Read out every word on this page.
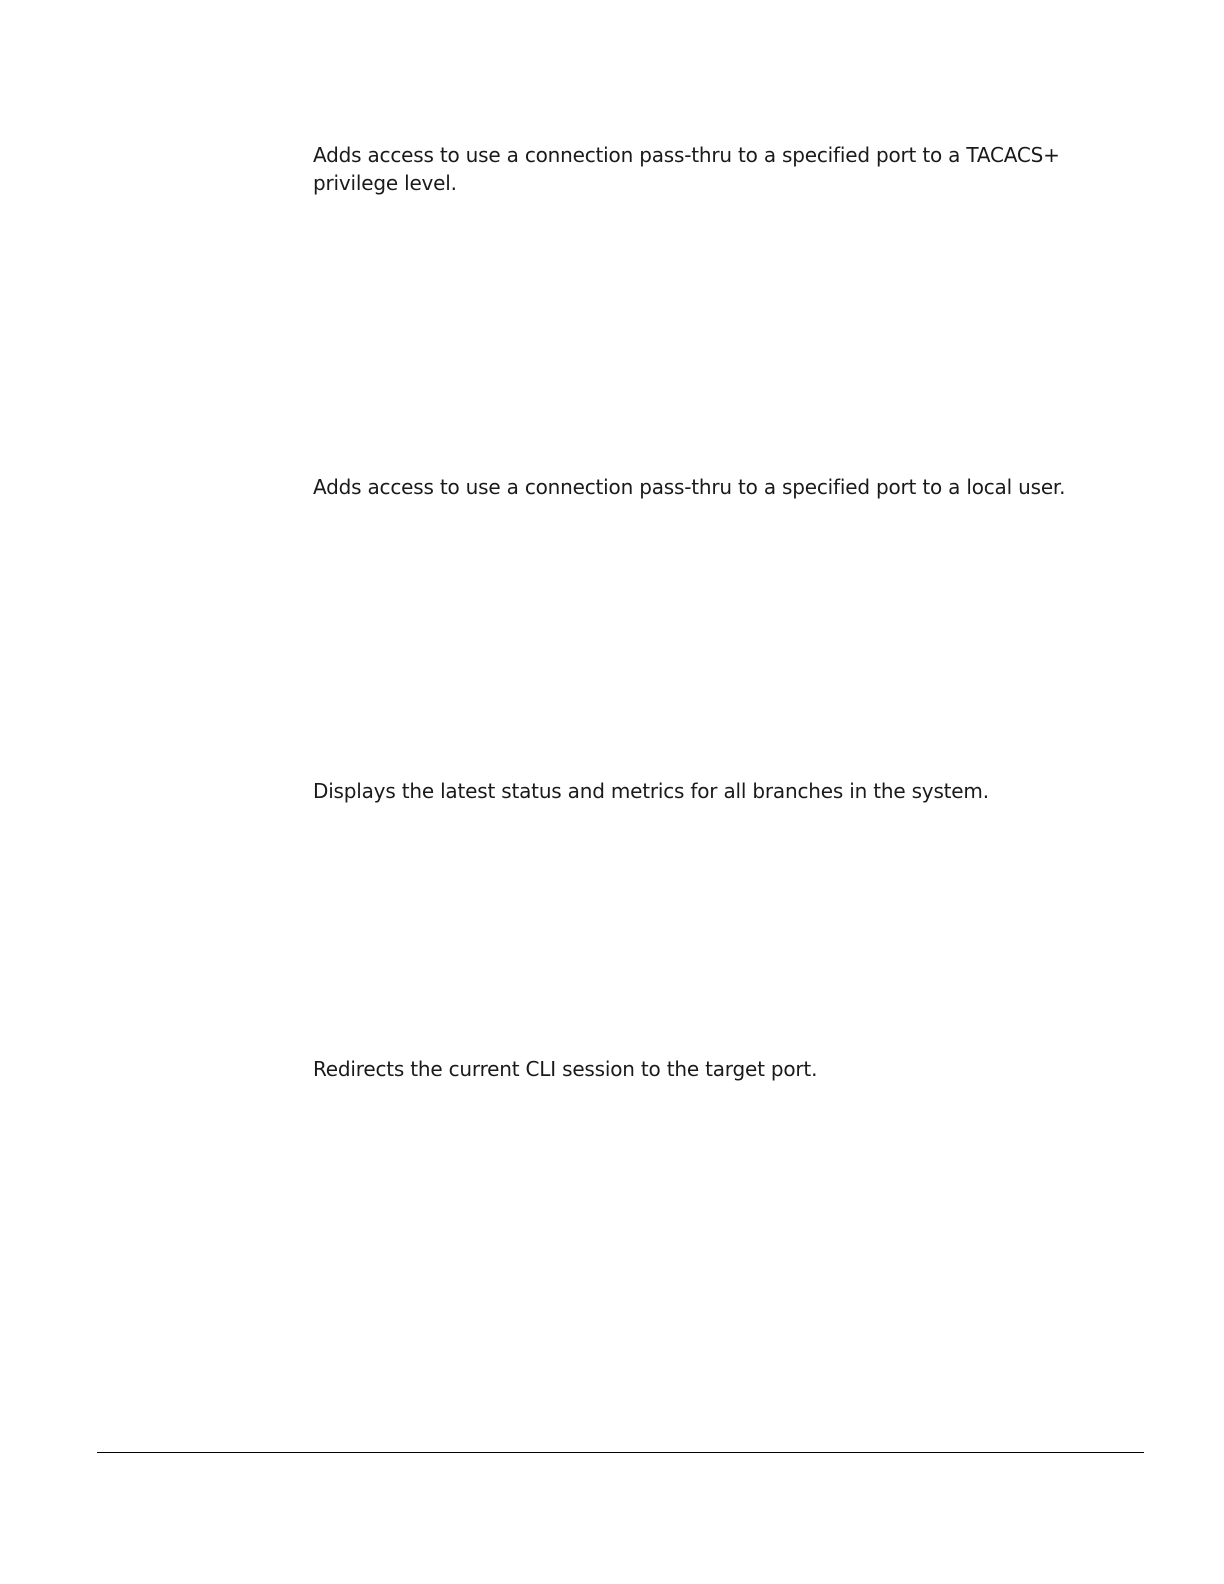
Adds access to use a connection pass-thru to a specified port to a TACACS+ privilege level.

Adds access to use a connection pass-thru to a specified port to a local user.

Displays the latest status and metrics for all branches in the system.

Redirects the current CLI session to the target port.
